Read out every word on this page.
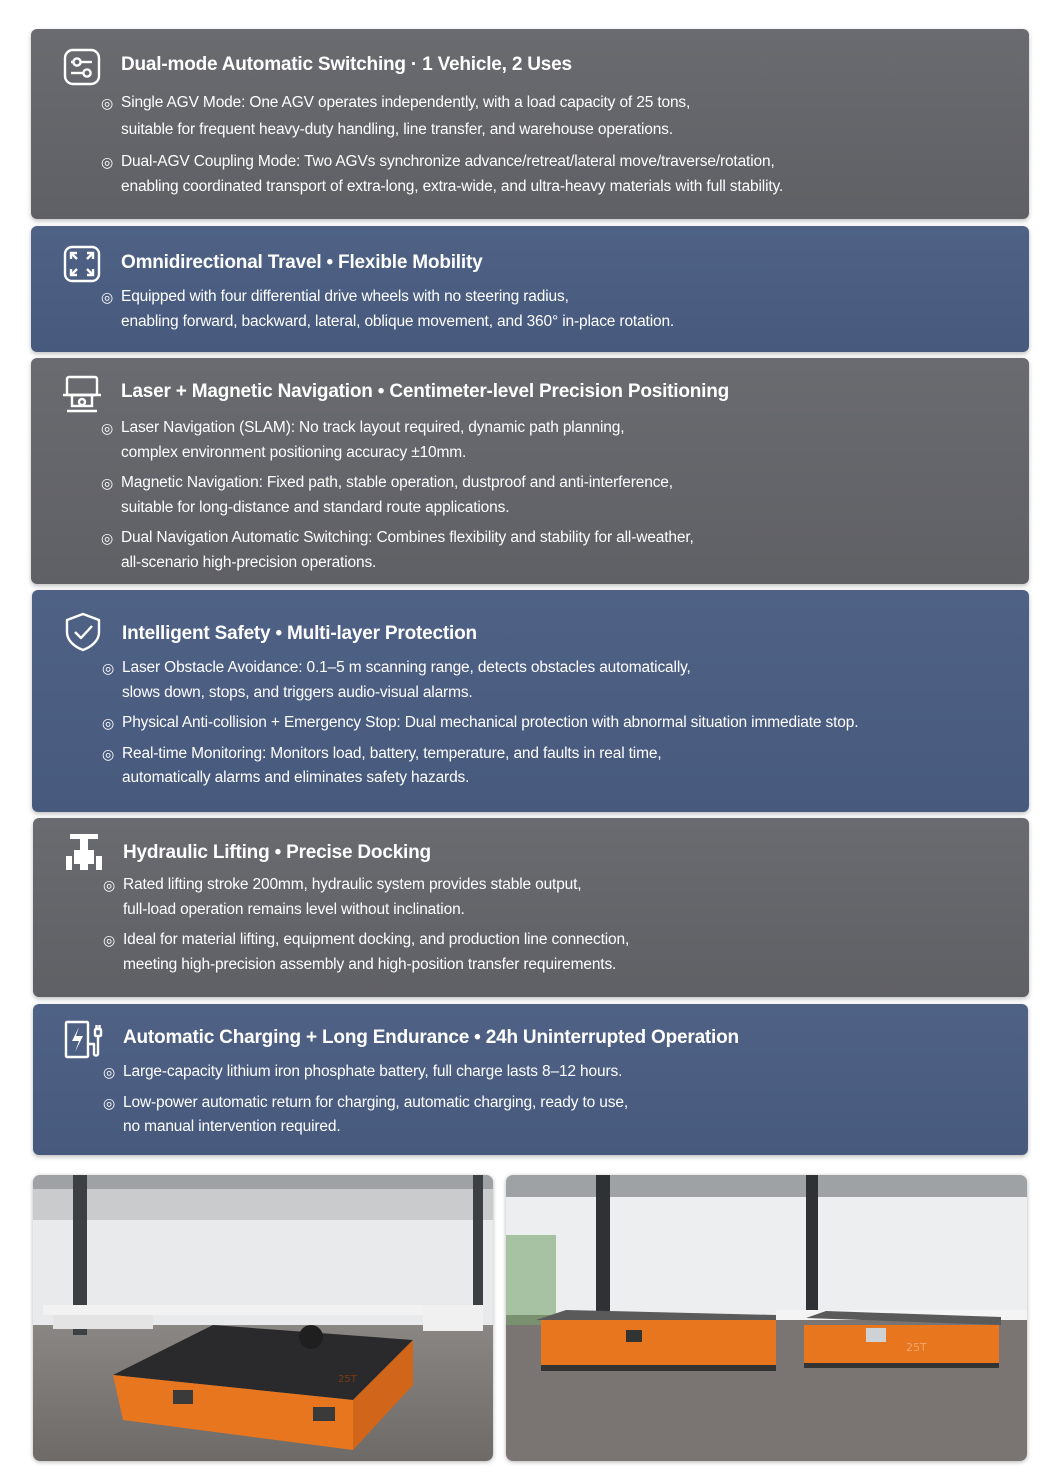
Dual-mode Automatic Switching · 1 Vehicle, 2 Uses
◎ Single AGV Mode: One AGV operates independently, with a load capacity of 25 tons,
suitable for frequent heavy-duty handling, line transfer, and warehouse operations.
◎ Dual-AGV Coupling Mode: Two AGVs synchronize advance/retreat/lateral move/traverse/rotation,
enabling coordinated transport of extra-long, extra-wide, and ultra-heavy materials with full stability.
Omnidirectional Travel • Flexible Mobility
◎ Equipped with four differential drive wheels with no steering radius,
enabling forward, backward, lateral, oblique movement, and 360° in-place rotation.
Laser + Magnetic Navigation • Centimeter-level Precision Positioning
◎ Laser Navigation (SLAM): No track layout required, dynamic path planning,
complex environment positioning accuracy ±10mm.
◎ Magnetic Navigation: Fixed path, stable operation, dustproof and anti-interference,
suitable for long-distance and standard route applications.
◎ Dual Navigation Automatic Switching: Combines flexibility and stability for all-weather,
all-scenario high-precision operations.
Intelligent Safety • Multi-layer Protection
◎ Laser Obstacle Avoidance: 0.1–5 m scanning range, detects obstacles automatically,
slows down, stops, and triggers audio-visual alarms.
◎ Physical Anti-collision + Emergency Stop: Dual mechanical protection with abnormal situation immediate stop.
◎ Real-time Monitoring: Monitors load, battery, temperature, and faults in real time,
automatically alarms and eliminates safety hazards.
Hydraulic Lifting • Precise Docking
◎ Rated lifting stroke 200mm, hydraulic system provides stable output,
full-load operation remains level without inclination.
◎ Ideal for material lifting, equipment docking, and production line connection,
meeting high-precision assembly and high-position transfer requirements.
Automatic Charging + Long Endurance • 24h Uninterrupted Operation
◎ Large-capacity lithium iron phosphate battery, full charge lasts 8–12 hours.
◎ Low-power automatic return for charging, automatic charging, ready to use,
no manual intervention required.
25T
25T
